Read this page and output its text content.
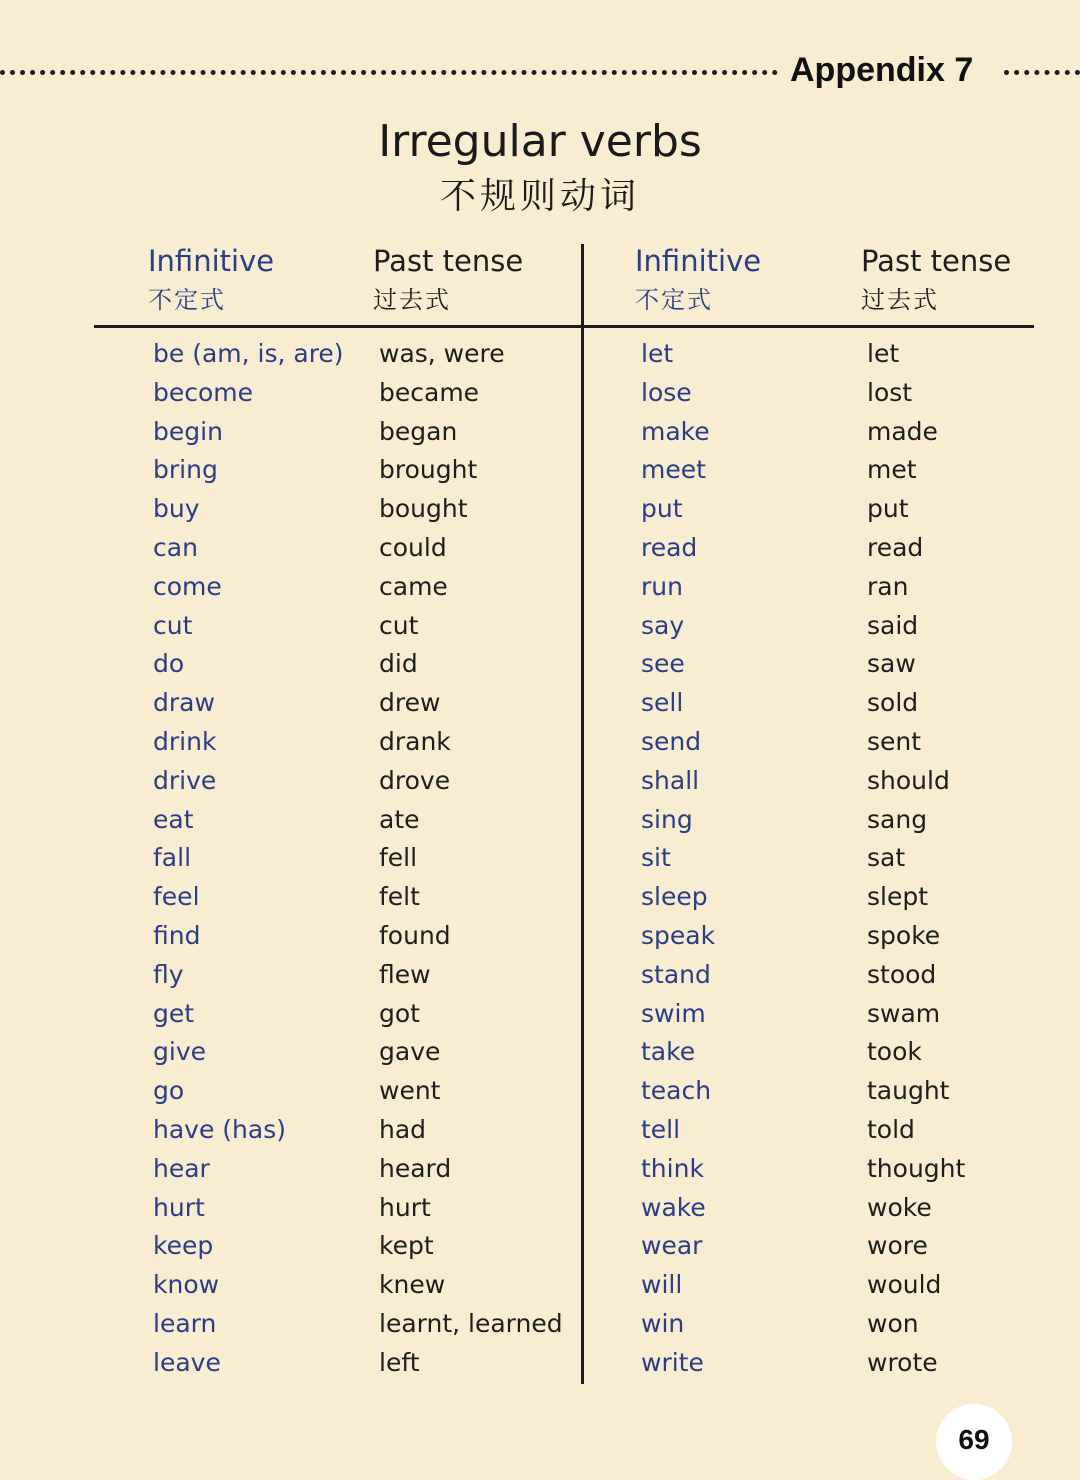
Appendix 7
Irregular verbs
不规则动词
Infinitive
不定式
Past tense
过去式
Infinitive
不定式
Past tense
过去式
be (am, is, are)
become
begin
bring
buy
can
come
cut
do
draw
drink
drive
eat
fall
feel
find
fly
get
give
go
have (has)
hear
hurt
keep
know
learn
leave
was, were
became
began
brought
bought
could
came
cut
did
drew
drank
drove
ate
fell
felt
found
flew
got
gave
went
had
heard
hurt
kept
knew
learnt, learned
left
let
lose
make
meet
put
read
run
say
see
sell
send
shall
sing
sit
sleep
speak
stand
swim
take
teach
tell
think
wake
wear
will
win
write
let
lost
made
met
put
read
ran
said
saw
sold
sent
should
sang
sat
slept
spoke
stood
swam
took
taught
told
thought
woke
wore
would
won
wrote
69
